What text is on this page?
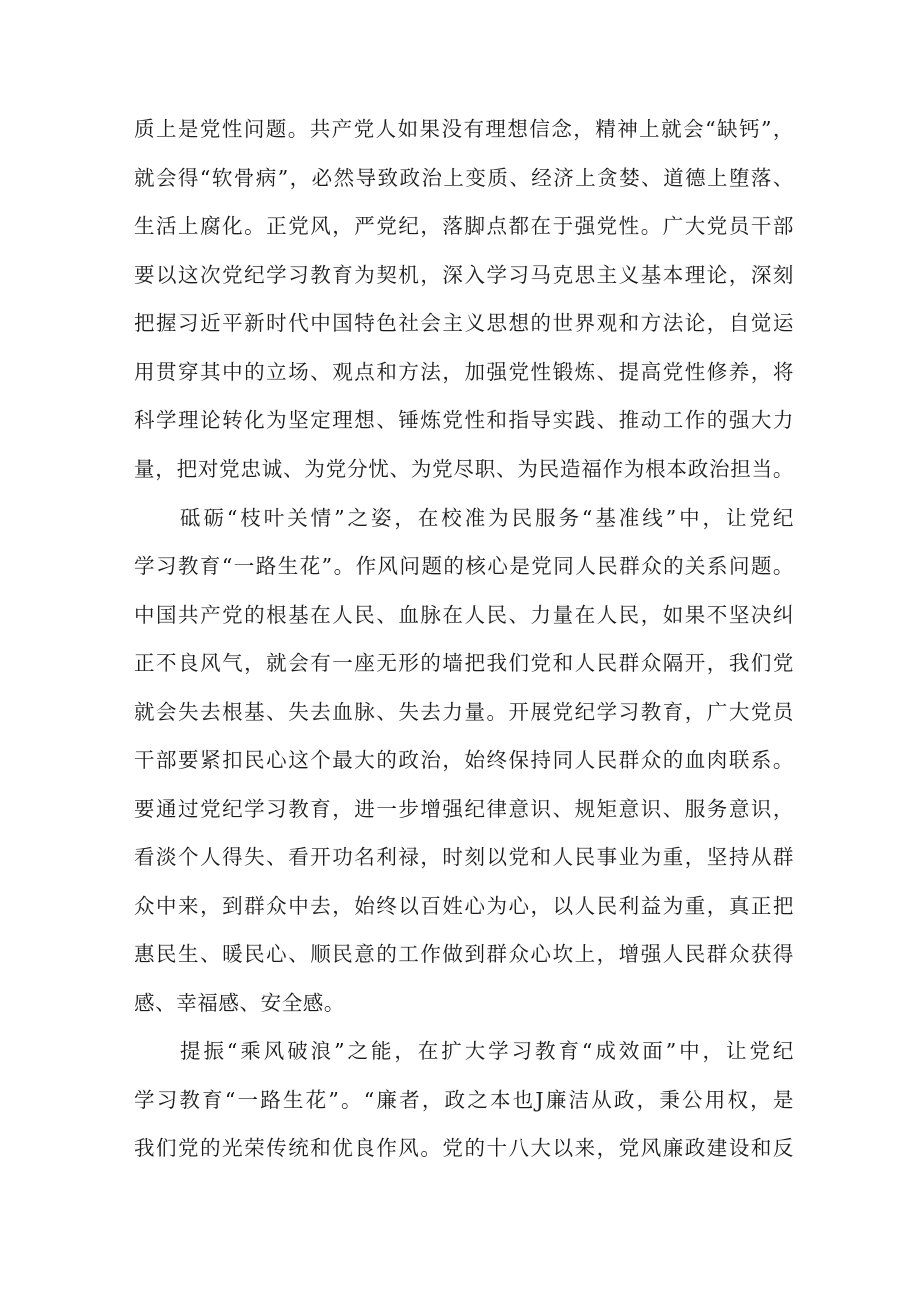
质上是党性问题。共产党人如果没有理想信念，精神上就会“缺钙”，
就会得“软骨病”，必然导致政治上变质、经济上贪婪、道德上堕落、
生活上腐化。正党风，严党纪，落脚点都在于强党性。广大党员干部
要以这次党纪学习教育为契机，深入学习马克思主义基本理论，深刻
把握习近平新时代中国特色社会主义思想的世界观和方法论，自觉运
用贯穿其中的立场、观点和方法，加强党性锻炼、提高党性修养，将
科学理论转化为坚定理想、锤炼党性和指导实践、推动工作的强大力
量，把对党忠诚、为党分忧、为党尽职、为民造福作为根本政治担当。
砥砺“枝叶关情”之姿，在校准为民服务“基准线”中，让党纪
学习教育“一路生花”。作风问题的核心是党同人民群众的关系问题。
中国共产党的根基在人民、血脉在人民、力量在人民，如果不坚决纠
正不良风气，就会有一座无形的墙把我们党和人民群众隔开，我们党
就会失去根基、失去血脉、失去力量。开展党纪学习教育，广大党员
干部要紧扣民心这个最大的政治，始终保持同人民群众的血肉联系。
要通过党纪学习教育，进一步增强纪律意识、规矩意识、服务意识，
看淡个人得失、看开功名利禄，时刻以党和人民事业为重，坚持从群
众中来，到群众中去，始终以百姓心为心，以人民利益为重，真正把
惠民生、暖民心、顺民意的工作做到群众心坎上，增强人民群众获得
感、幸福感、安全感。
提振“乘风破浪”之能，在扩大学习教育“成效面”中，让党纪
学习教育“一路生花”。“廉者，政之本也J廉洁从政，秉公用权，是
我们党的光荣传统和优良作风。党的十八大以来，党风廉政建设和反
